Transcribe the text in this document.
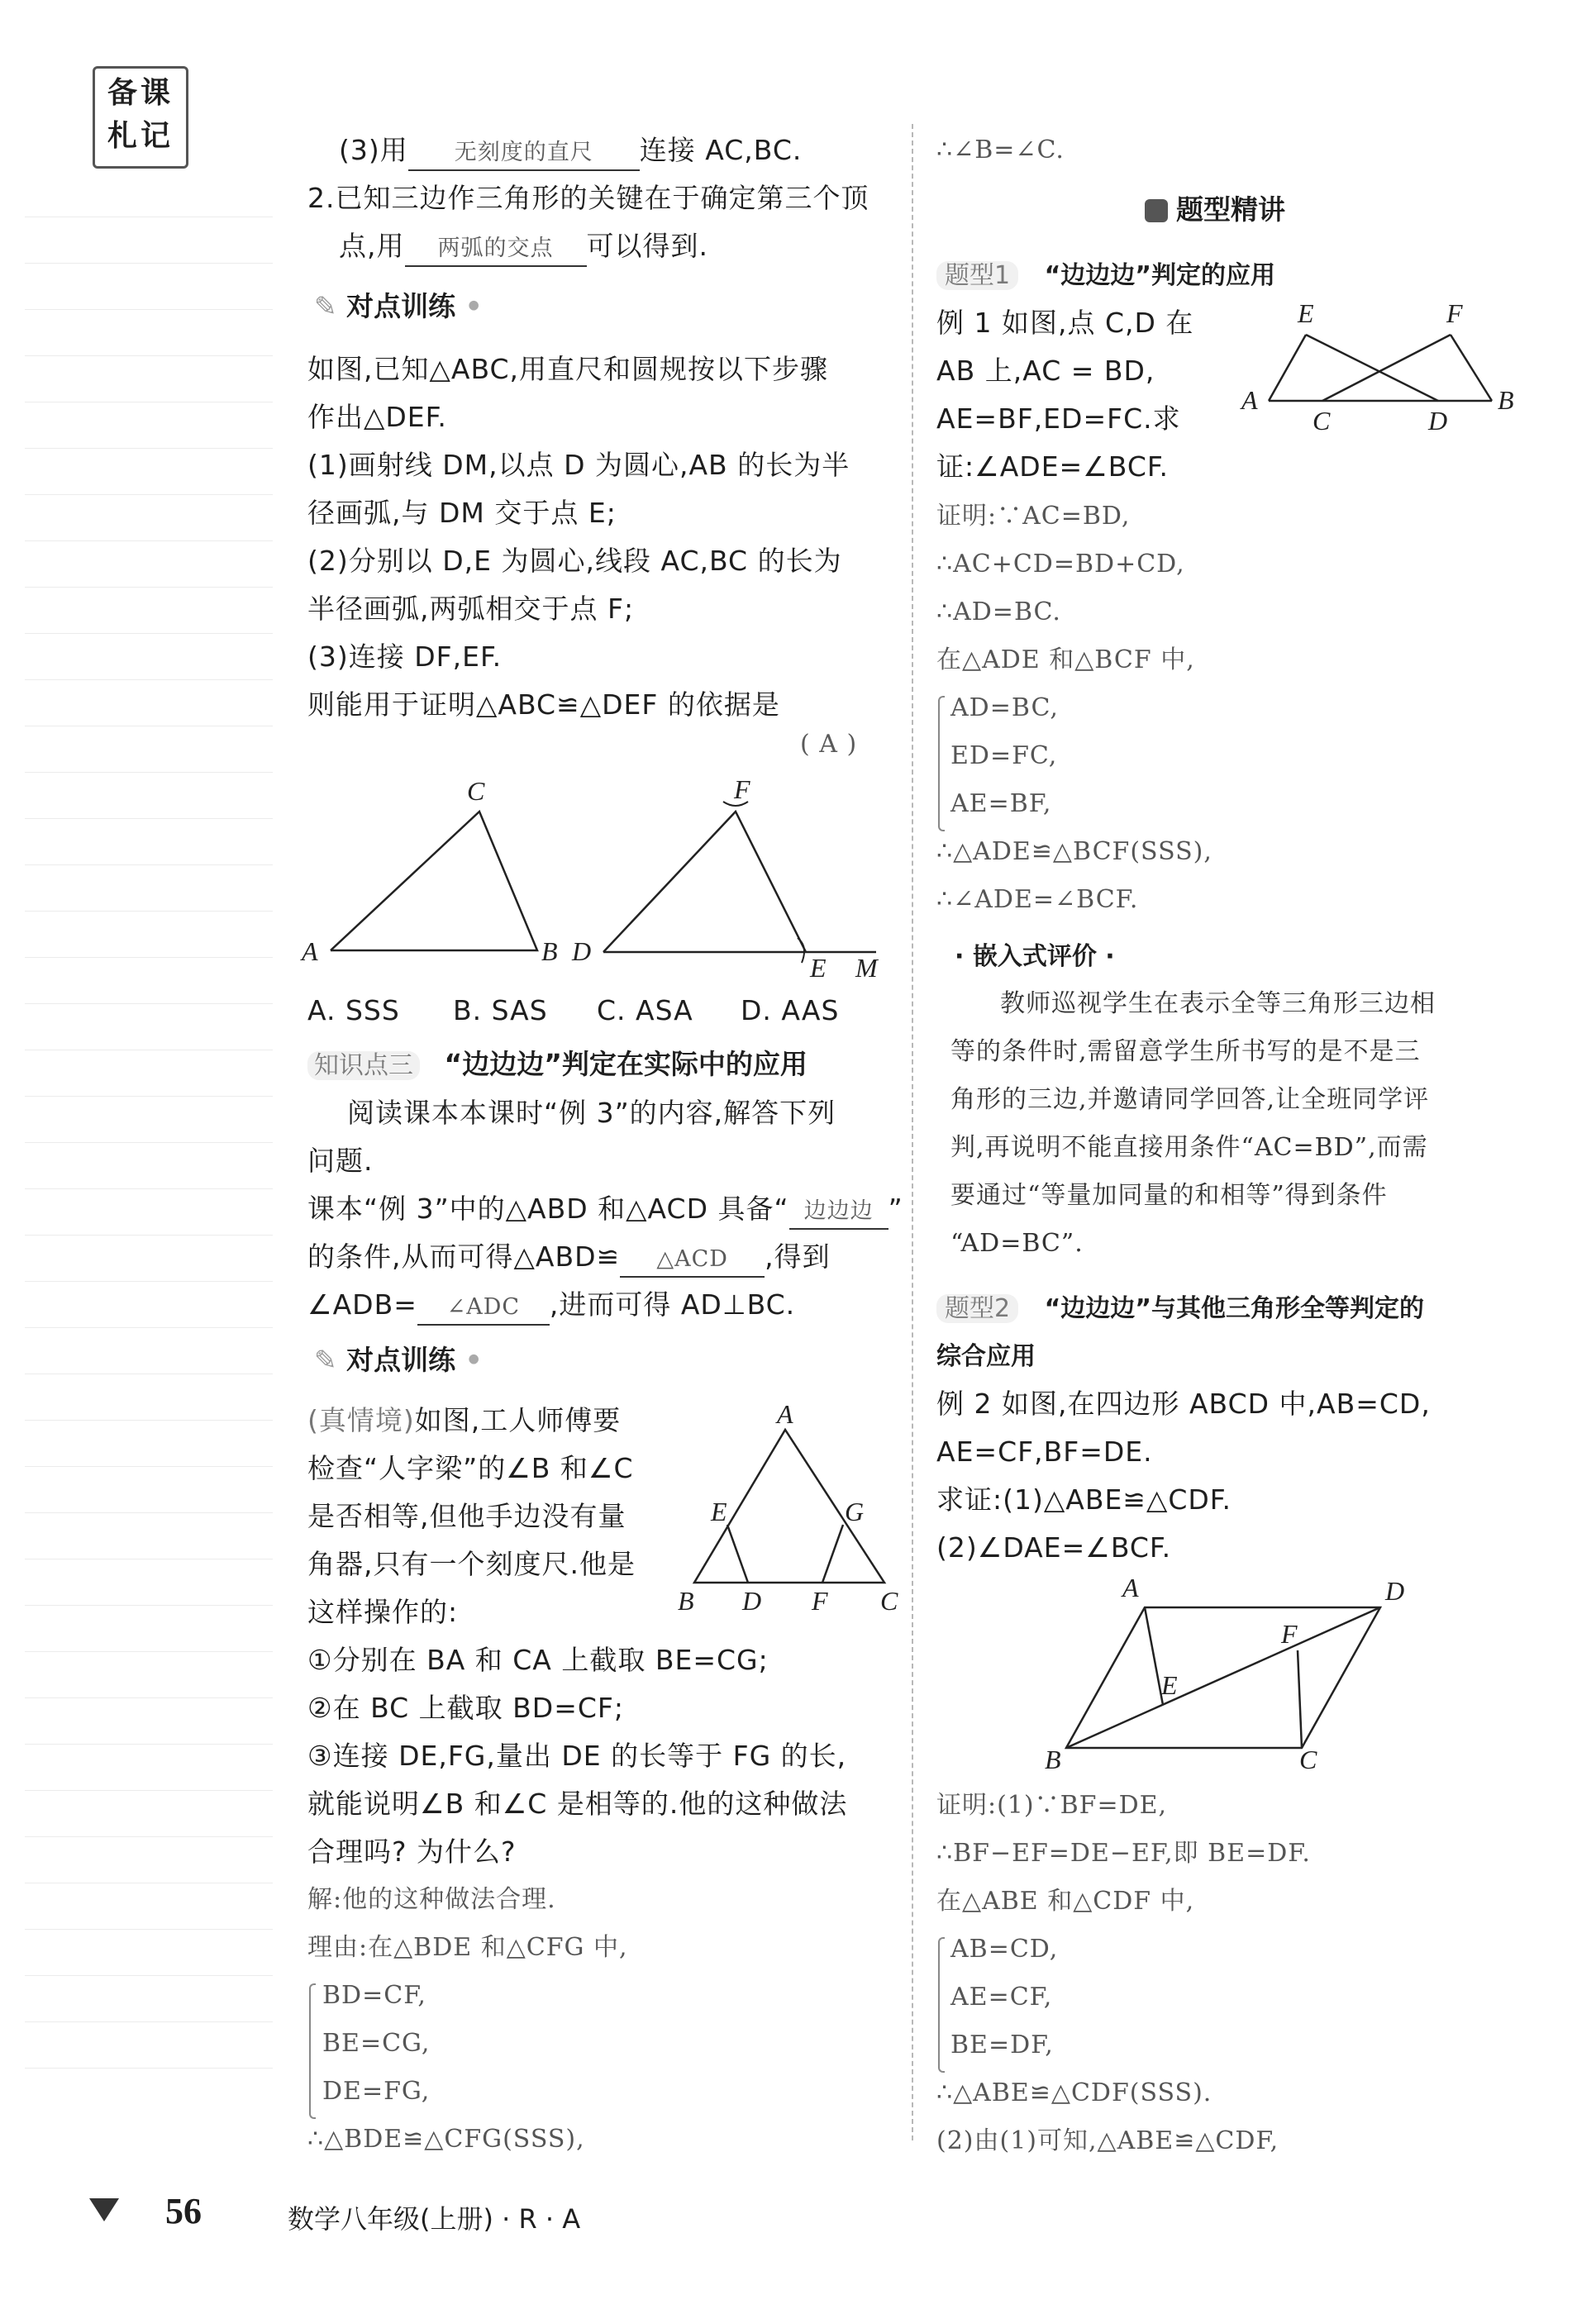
备课
札记	(3)用 无刻度的直尺 连接 AC,BC.
2.已知三边作三角形的关键在于确定第三个顶
点,用 两弧的交点 可以得到.
✎ 对点训练 •
如图,已知△ABC,用直尺和圆规按以下步骤
作出△DEF.
(1)画射线 DM,以点 D 为圆心,AB 的长为半
径画弧,与 DM 交于点 E;
(2)分别以 D,E 为圆心,线段 AC,BC 的长为
半径画弧,两弧相交于点 F;
(3)连接 DF,EF.
则能用于证明△ABC≌△DEF 的依据是
( A )
A	B
C
D
E
F
M
A. SSS B. SAS C. ASA D. AAS
知识点三 “边边边”判定在实际中的应用
阅读课本本课时“例 3”的内容,解答下列
问题.
课本“例 3”中的△ABD 和△ACD 具备“ 边边边 ”
的条件,从而可得△ABD≌ △ACD ,得到
∠ADB= ∠ADC ,进而可得 AD⊥BC.
✎ 对点训练 •
(真情境)如图,工人师傅要
检查“人字梁”的∠B 和∠C
是否相等,但他手边没有量
角器,只有一个刻度尺.他是
这样操作的:
A
B	C
D
E
F
G
①分别在 BA 和 CA 上截取 BE=CG;
②在 BC 上截取 BD=CF;
③连接 DE,FG,量出 DE 的长等于 FG 的长,
就能说明∠B 和∠C 是相等的.他的这种做法
合理吗? 为什么?
解:他的这种做法合理.
理由:在△BDE 和△CFG 中,
BD=CF,
BE=CG,
DE=FG,
∴△BDE≌△CFG(SSS),
∴∠B=∠C.
题型精讲
题型1 “边边边”判定的应用
例 1 如图,点 C,D 在
AB 上,AC = BD,
AE=BF,ED=FC.求
证:∠ADE=∠BCF.
A	B
C	D
E	F
证明:∵AC=BD,
∴AC+CD=BD+CD,
∴AD=BC.
在△ADE 和△BCF 中,
AD=BC,
ED=FC,
AE=BF,
∴△ADE≌△BCF(SSS),
∴∠ADE=∠BCF.
· 嵌入式评价 ·
教师巡视学生在表示全等三角形三边相
等的条件时,需留意学生所书写的是不是三
角形的三边,并邀请同学回答,让全班同学评
判,再说明不能直接用条件“AC=BD”,而需
要通过“等量加同量的和相等”得到条件
“AD=BC”.
题型2 “边边边”与其他三角形全等判定的
综合应用
例 2 如图,在四边形 ABCD 中,AB=CD,
AE=CF,BF=DE.
求证:(1)△ABE≌△CDF.
(2)∠DAE=∠BCF.
A
B	C
D
E
F
证明:(1)∵BF=DE,
∴BF−EF=DE−EF,即 BE=DF.
在△ABE 和△CDF 中,
AB=CD,
AE=CF,
BE=DF,
∴△ABE≌△CDF(SSS).
(2)由(1)可知,△ABE≌△CDF,
56	数学八年级(上册) · R · A
